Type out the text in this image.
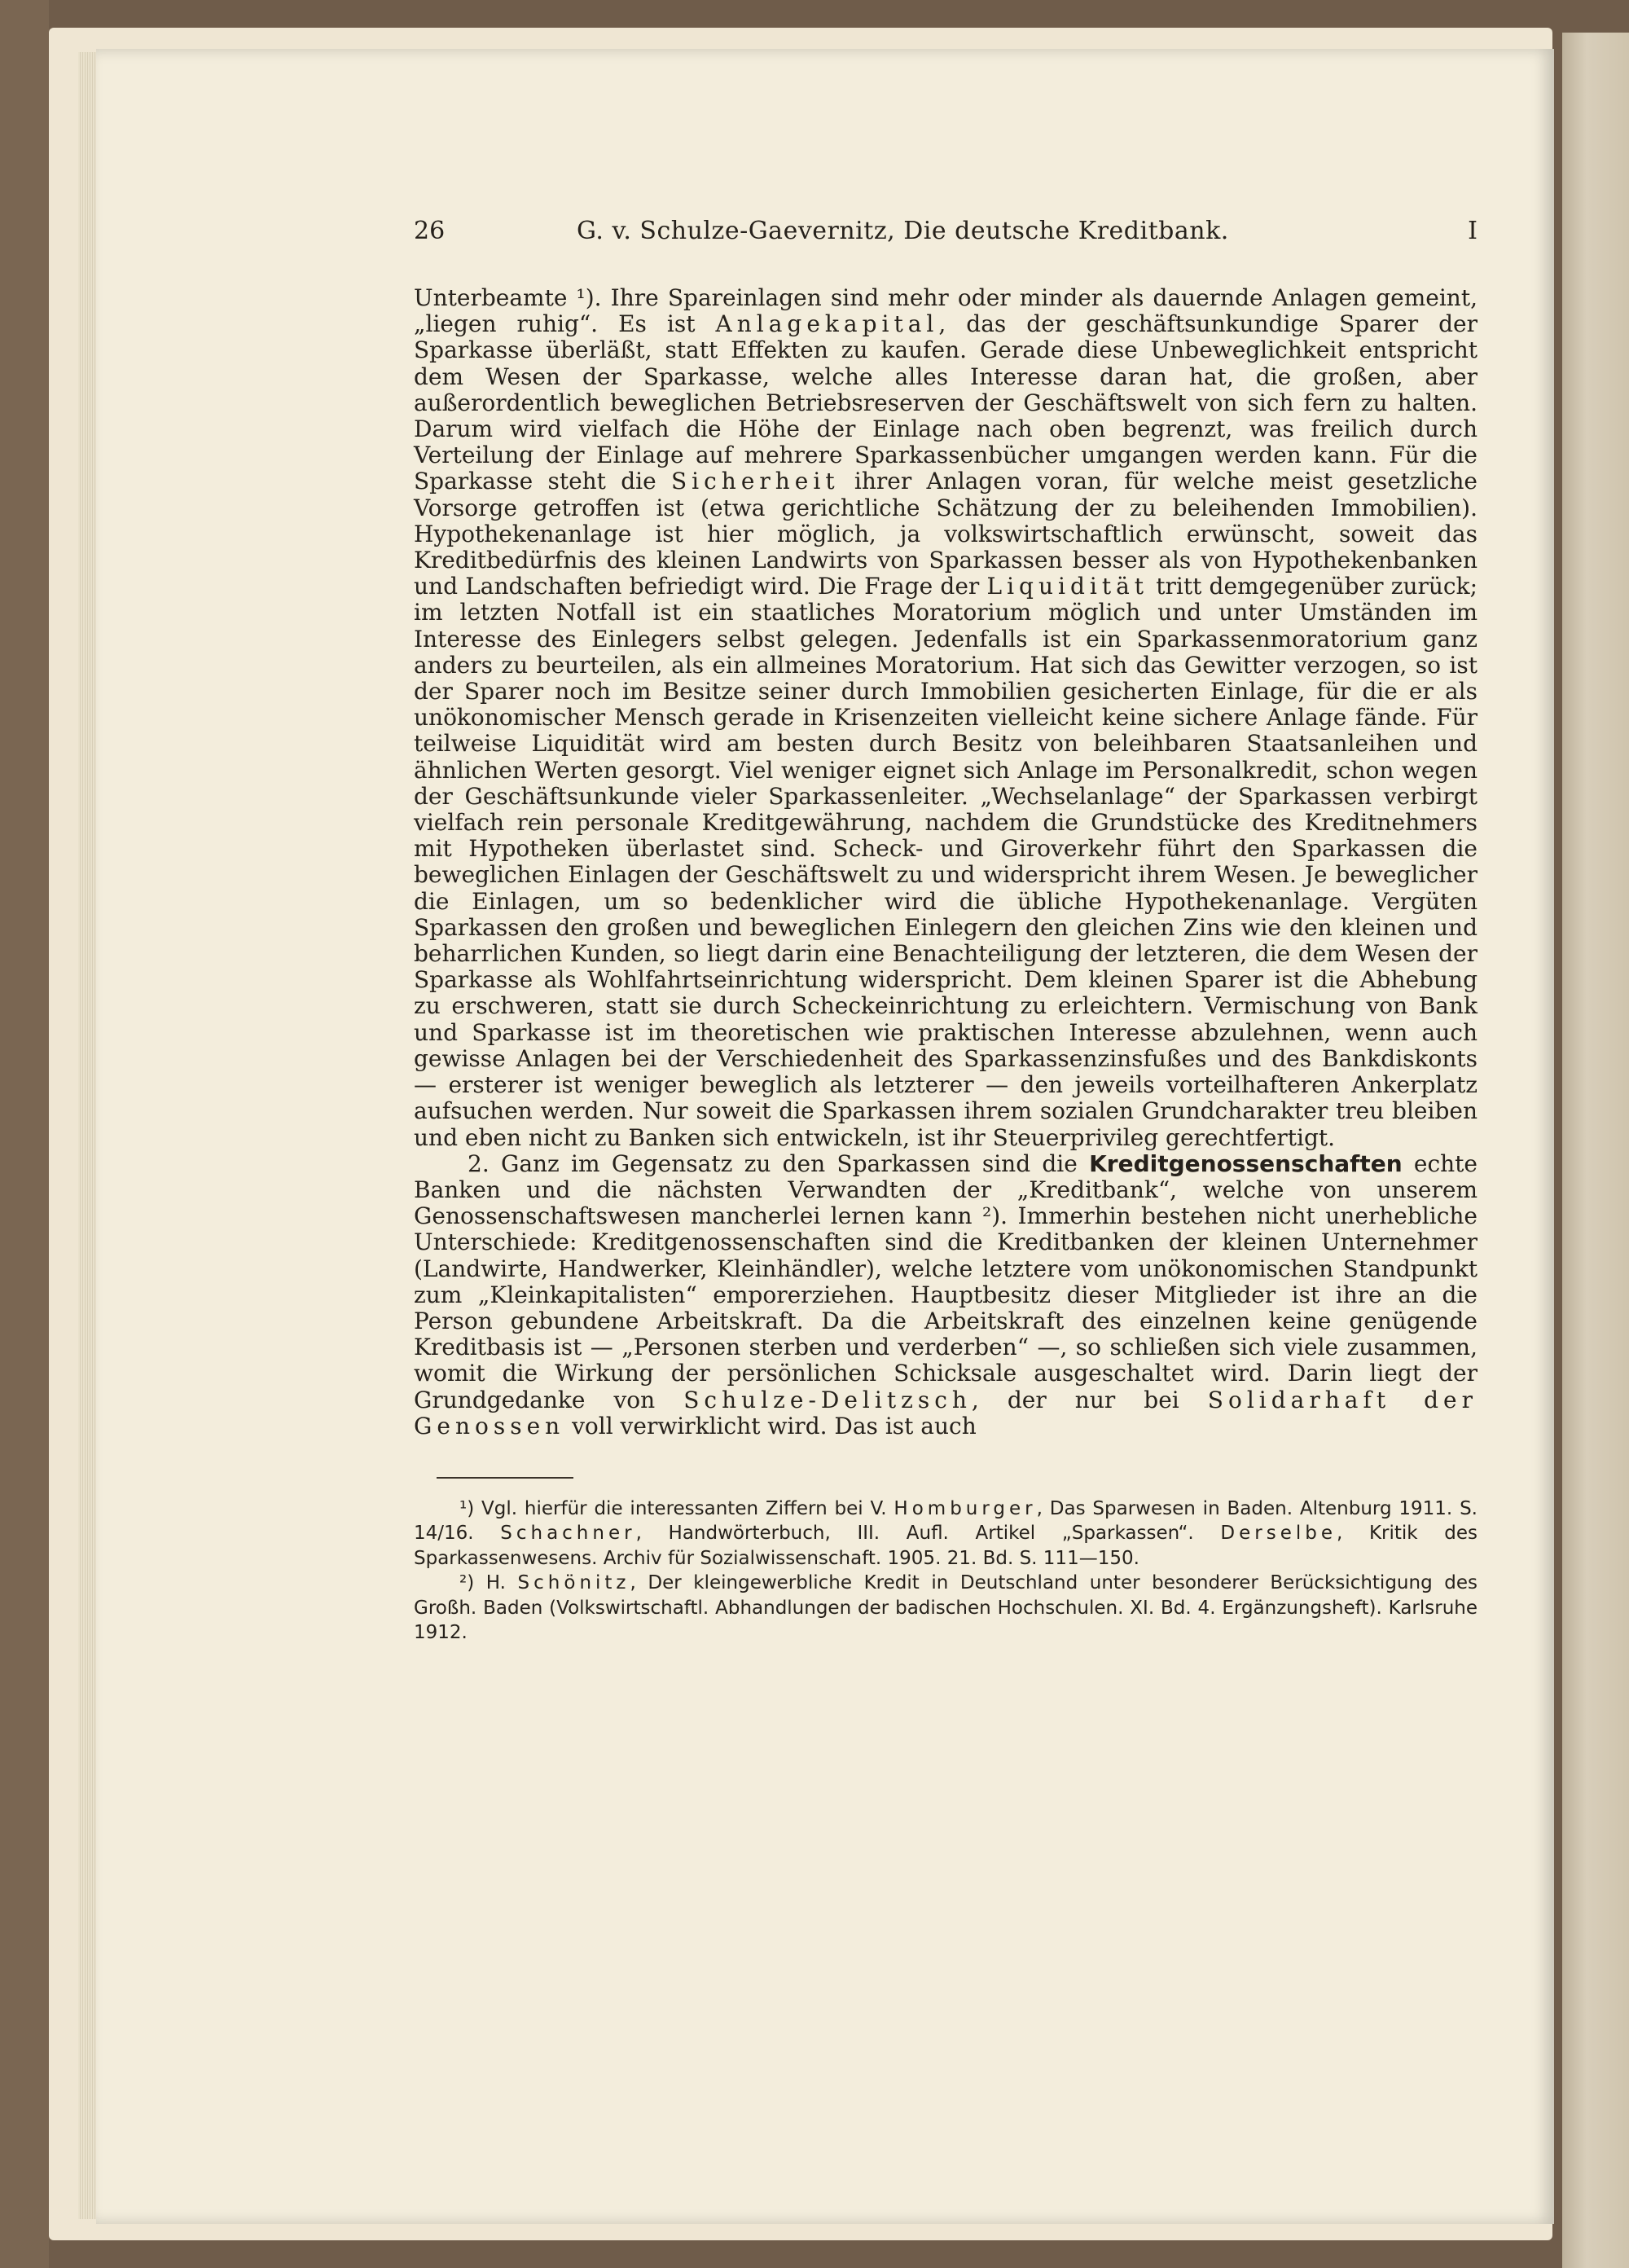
26	G. v. Schulze-Gaevernitz, Die deutsche Kreditbank.	I

Unterbeamte ¹). Ihre Spareinlagen sind mehr oder minder als dauernde Anlagen gemeint, „liegen ruhig“. Es ist Anlagekapital, das der geschäftsunkundige Sparer der Sparkasse überläßt, statt Effekten zu kaufen. Gerade diese Unbeweglichkeit entspricht dem Wesen der Sparkasse, welche alles Interesse daran hat, die großen, aber außerordentlich beweglichen Betriebsreserven der Geschäftswelt von sich fern zu halten. Darum wird vielfach die Höhe der Einlage nach oben begrenzt, was freilich durch Verteilung der Einlage auf mehrere Sparkassenbücher umgangen werden kann. Für die Sparkasse steht die Sicherheit ihrer Anlagen voran, für welche meist gesetzliche Vorsorge getroffen ist (etwa gerichtliche Schätzung der zu beleihenden Immobilien). Hypothekenanlage ist hier möglich, ja volkswirtschaftlich erwünscht, soweit das Kreditbedürfnis des kleinen Landwirts von Sparkassen besser als von Hypothekenbanken und Landschaften befriedigt wird. Die Frage der Liquidität tritt demgegenüber zurück; im letzten Notfall ist ein staatliches Moratorium möglich und unter Umständen im Interesse des Einlegers selbst gelegen. Jedenfalls ist ein Sparkassenmoratorium ganz anders zu beurteilen, als ein allmeines Moratorium. Hat sich das Gewitter verzogen, so ist der Sparer noch im Besitze seiner durch Immobilien gesicherten Einlage, für die er als unökonomischer Mensch gerade in Krisenzeiten vielleicht keine sichere Anlage fände. Für teilweise Liquidität wird am besten durch Besitz von beleihbaren Staatsanleihen und ähnlichen Werten gesorgt. Viel weniger eignet sich Anlage im Personalkredit, schon wegen der Geschäftsunkunde vieler Sparkassenleiter. „Wechselanlage“ der Sparkassen verbirgt vielfach rein personale Kreditgewährung, nachdem die Grundstücke des Kreditnehmers mit Hypotheken überlastet sind. Scheck- und Giroverkehr führt den Sparkassen die beweglichen Einlagen der Geschäftswelt zu und widerspricht ihrem Wesen. Je beweglicher die Einlagen, um so bedenklicher wird die übliche Hypothekenanlage. Vergüten Sparkassen den großen und beweglichen Einlegern den gleichen Zins wie den kleinen und beharrlichen Kunden, so liegt darin eine Benachteiligung der letzteren, die dem Wesen der Sparkasse als Wohlfahrtseinrichtung widerspricht. Dem kleinen Sparer ist die Abhebung zu erschweren, statt sie durch Scheckeinrichtung zu erleichtern. Vermischung von Bank und Sparkasse ist im theoretischen wie praktischen Interesse abzulehnen, wenn auch gewisse Anlagen bei der Verschiedenheit des Sparkassenzinsfußes und des Bankdiskonts — ersterer ist weniger beweglich als letzterer — den jeweils vorteilhafteren Ankerplatz aufsuchen werden. Nur soweit die Sparkassen ihrem sozialen Grundcharakter treu bleiben und eben nicht zu Banken sich entwickeln, ist ihr Steuerprivileg gerechtfertigt.

2. Ganz im Gegensatz zu den Sparkassen sind die Kreditgenossenschaften echte Banken und die nächsten Verwandten der „Kreditbank“, welche von unserem Genossenschaftswesen mancherlei lernen kann ²). Immerhin bestehen nicht unerhebliche Unterschiede: Kreditgenossenschaften sind die Kreditbanken der kleinen Unternehmer (Landwirte, Handwerker, Kleinhändler), welche letztere vom unökonomischen Standpunkt zum „Kleinkapitalisten“ emporerziehen. Hauptbesitz dieser Mitglieder ist ihre an die Person gebundene Arbeitskraft. Da die Arbeitskraft des einzelnen keine genügende Kreditbasis ist — „Personen sterben und verderben“ —, so schließen sich viele zusammen, womit die Wirkung der persönlichen Schicksale ausgeschaltet wird. Darin liegt der Grundgedanke von Schulze-Delitzsch, der nur bei Solidarhaft der Genossen voll verwirklicht wird. Das ist auch

¹) Vgl. hierfür die interessanten Ziffern bei V. Homburger, Das Sparwesen in Baden. Altenburg 1911. S. 14/16. Schachner, Handwörterbuch, III. Aufl. Artikel „Sparkassen“. Derselbe, Kritik des Sparkassenwesens. Archiv für Sozialwissenschaft. 1905. 21. Bd. S. 111—150.

²) H. Schönitz, Der kleingewerbliche Kredit in Deutschland unter besonderer Berücksichtigung des Großh. Baden (Volkswirtschaftl. Abhandlungen der badischen Hochschulen. XI. Bd. 4. Ergänzungsheft). Karlsruhe 1912.
